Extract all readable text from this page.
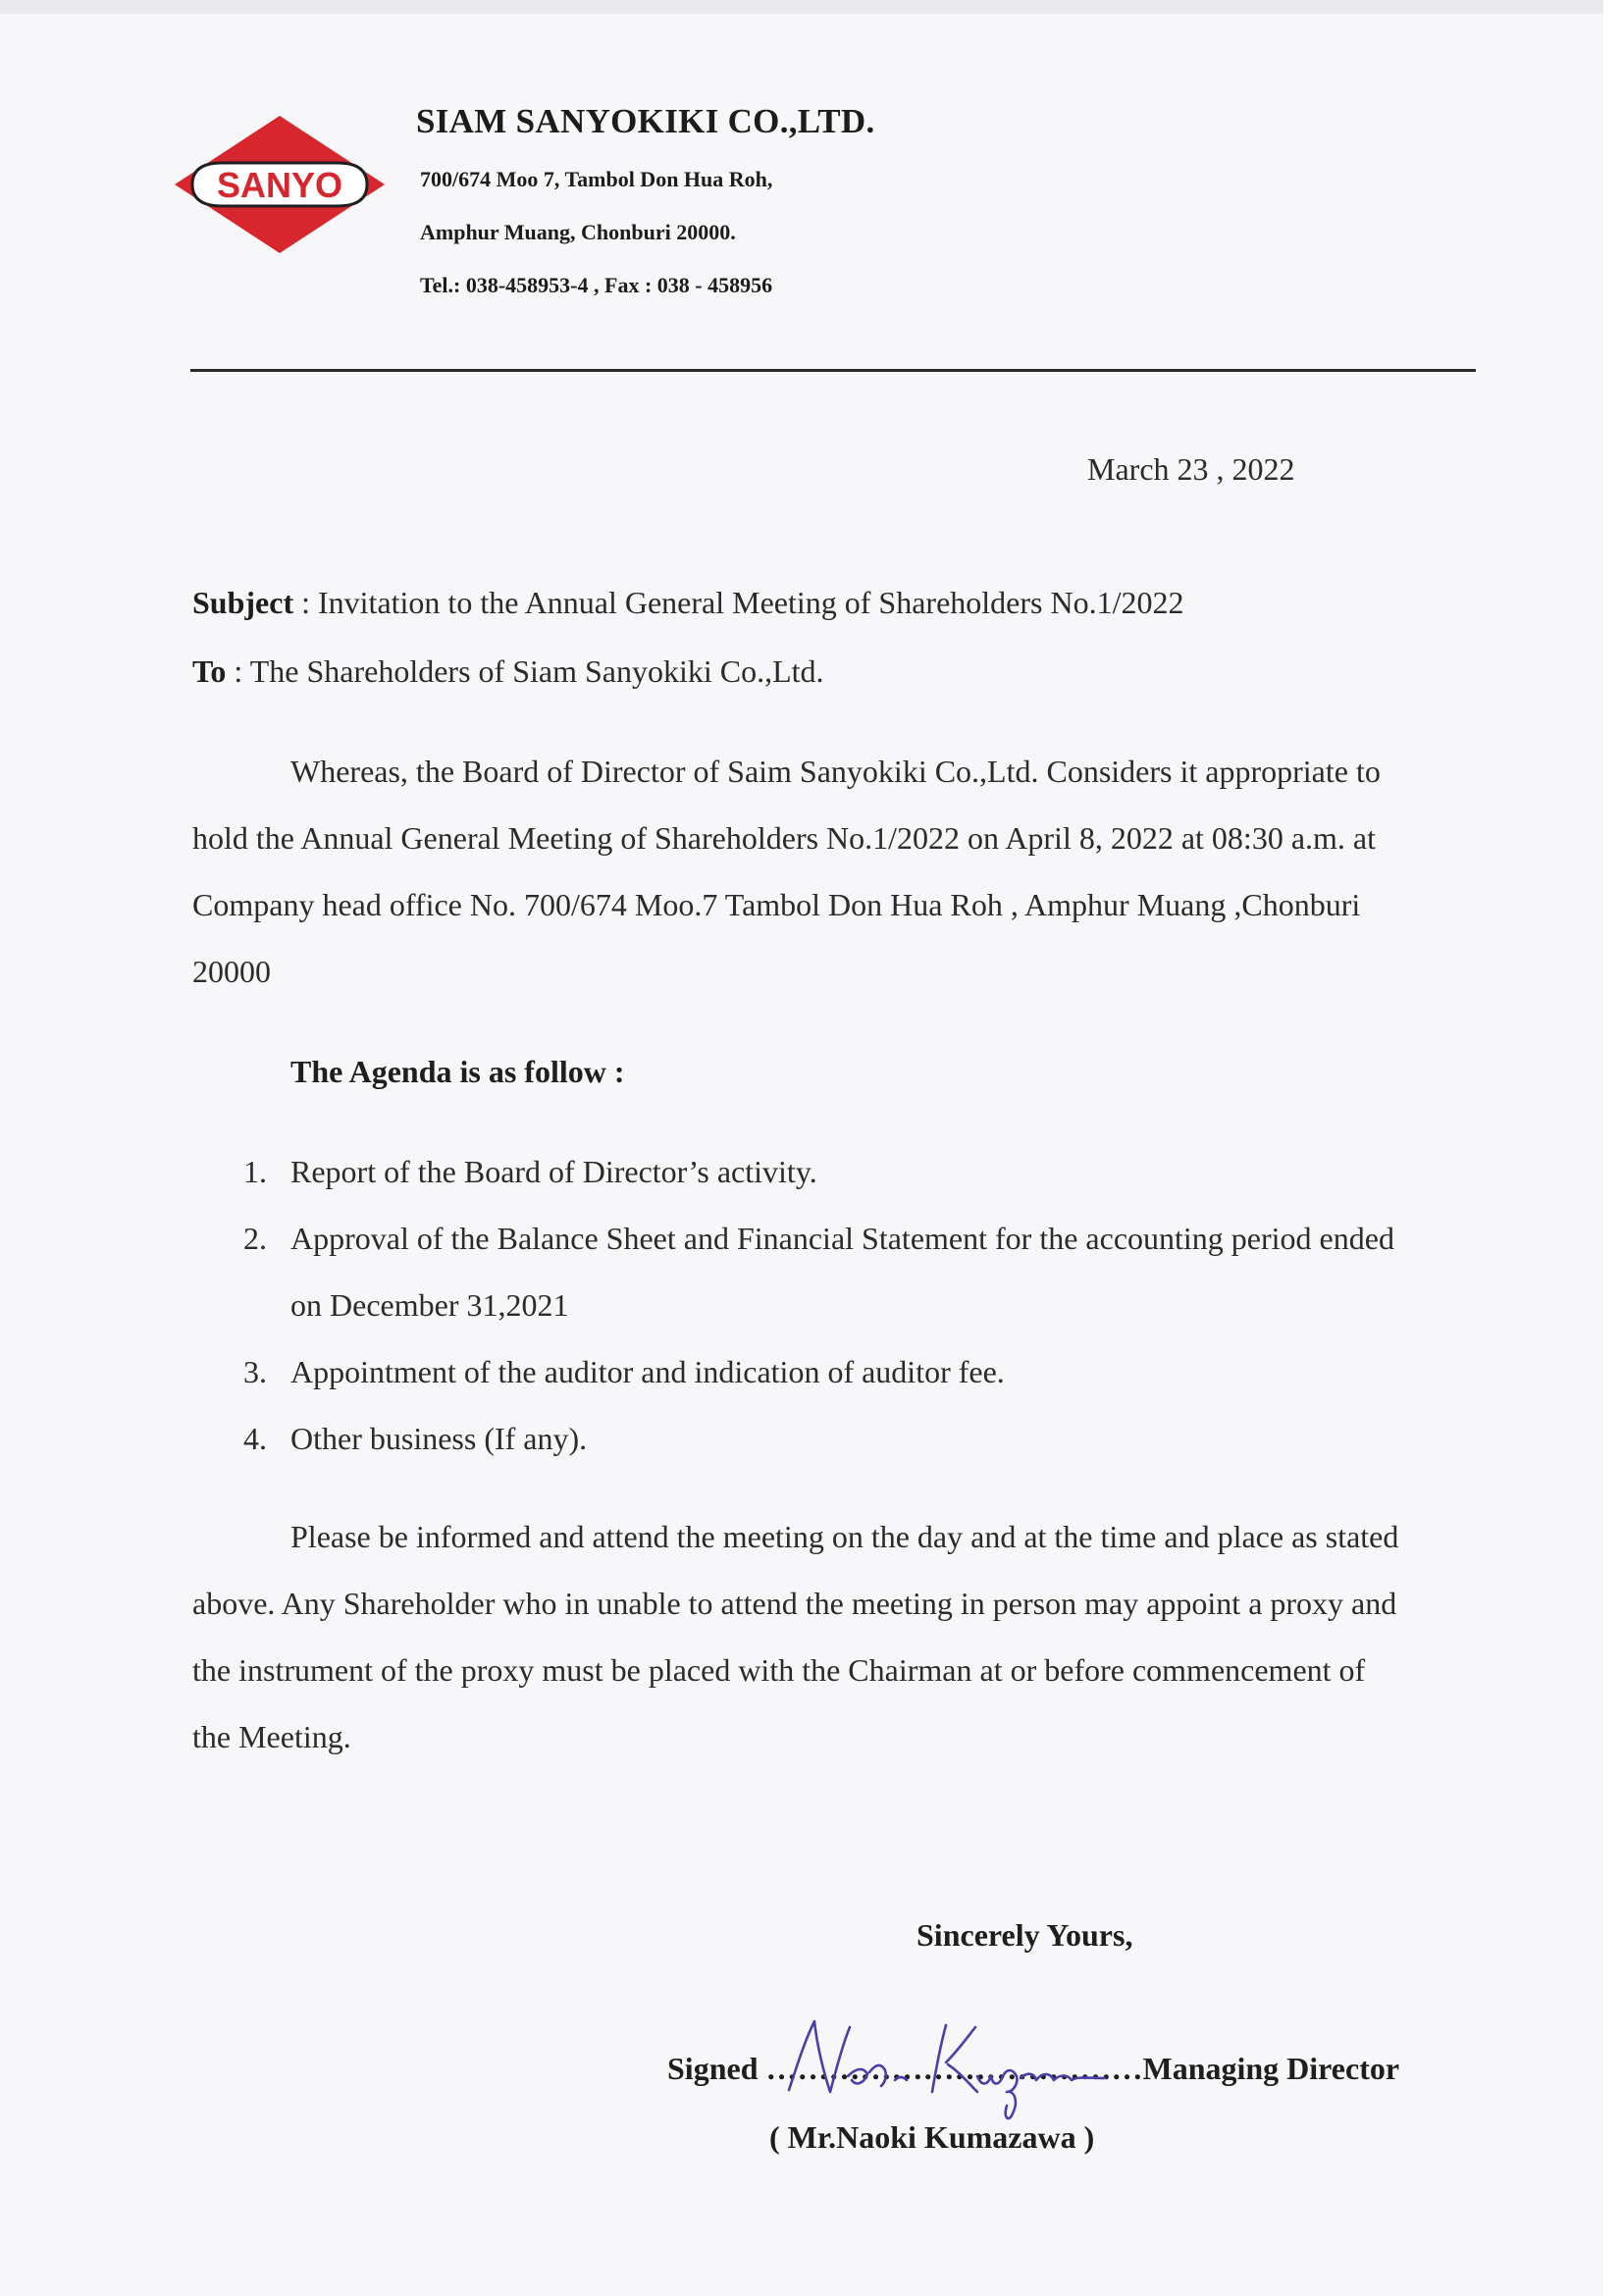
SANYO
SIAM SANYOKIKI CO.,LTD.
700/674 Moo 7, Tambol Don Hua Roh,
Amphur Muang, Chonburi 20000.
Tel.: 038-458953-4 , Fax : 038 - 458956
March 23 , 2022
Subject : Invitation to the Annual General Meeting of Shareholders No.1/2022
To : The Shareholders of Siam Sanyokiki Co.,Ltd.
Whereas, the Board of Director of Saim Sanyokiki Co.,Ltd. Considers it appropriate to
hold the Annual General Meeting of Shareholders No.1/2022 on April 8, 2022 at 08:30 a.m. at
Company head office No. 700/674 Moo.7 Tambol Don Hua Roh , Amphur Muang ,Chonburi
20000
The Agenda is as follow :
1. Report of the Board of Director’s activity.
2. Approval of the Balance Sheet and Financial Statement for the accounting period ended
on December 31,2021
3. Appointment of the auditor and indication of auditor fee.
4. Other business (If any).
Please be informed and attend the meeting on the day and at the time and place as stated
above. Any Shareholder who in unable to attend the meeting in person may appoint a proxy and
the instrument of the proxy must be placed with the Chairman at or before commencement of
the Meeting.
Sincerely Yours,
Signed ………………………………Managing Director
( Mr.Naoki Kumazawa )
